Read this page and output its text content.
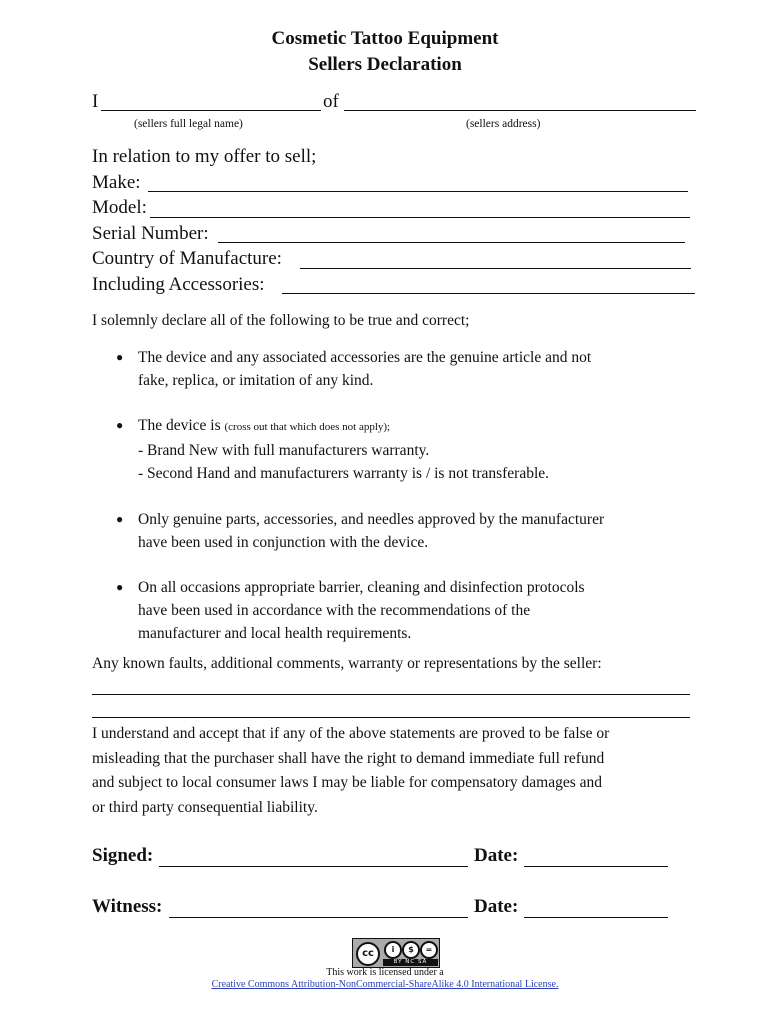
Cosmetic Tattoo Equipment
Sellers Declaration
I	of
(sellers full legal name)	(sellers address)
In relation to my offer to sell;
Make:
Model:
Serial Number:
Country of Manufacture:
Including Accessories:
I solemnly declare all of the following to be true and correct;
● The device and any associated accessories are the genuine article and not
fake, replica, or imitation of any kind.
● The device is (cross out that which does not apply);
- Brand New with full manufacturers warranty.
- Second Hand and manufacturers warranty is / is not transferable.
● Only genuine parts, accessories, and needles approved by the manufacturer
have been used in conjunction with the device.
● On all occasions appropriate barrier, cleaning and disinfection protocols
have been used in accordance with the recommendations of the
manufacturer and local health requirements.
Any known faults, additional comments, warranty or representations by the seller:
I understand and accept that if any of the above statements are proved to be false or
misleading that the purchaser shall have the right to demand immediate full refund
and subject to local consumer laws I may be liable for compensatory damages and
or third party consequential liability.
Signed:	Date:
Witness:	Date:
cc	i	$	=
BY NC SA
This work is licensed under a
Creative Commons Attribution-NonCommercial-ShareAlike 4.0 International License.
